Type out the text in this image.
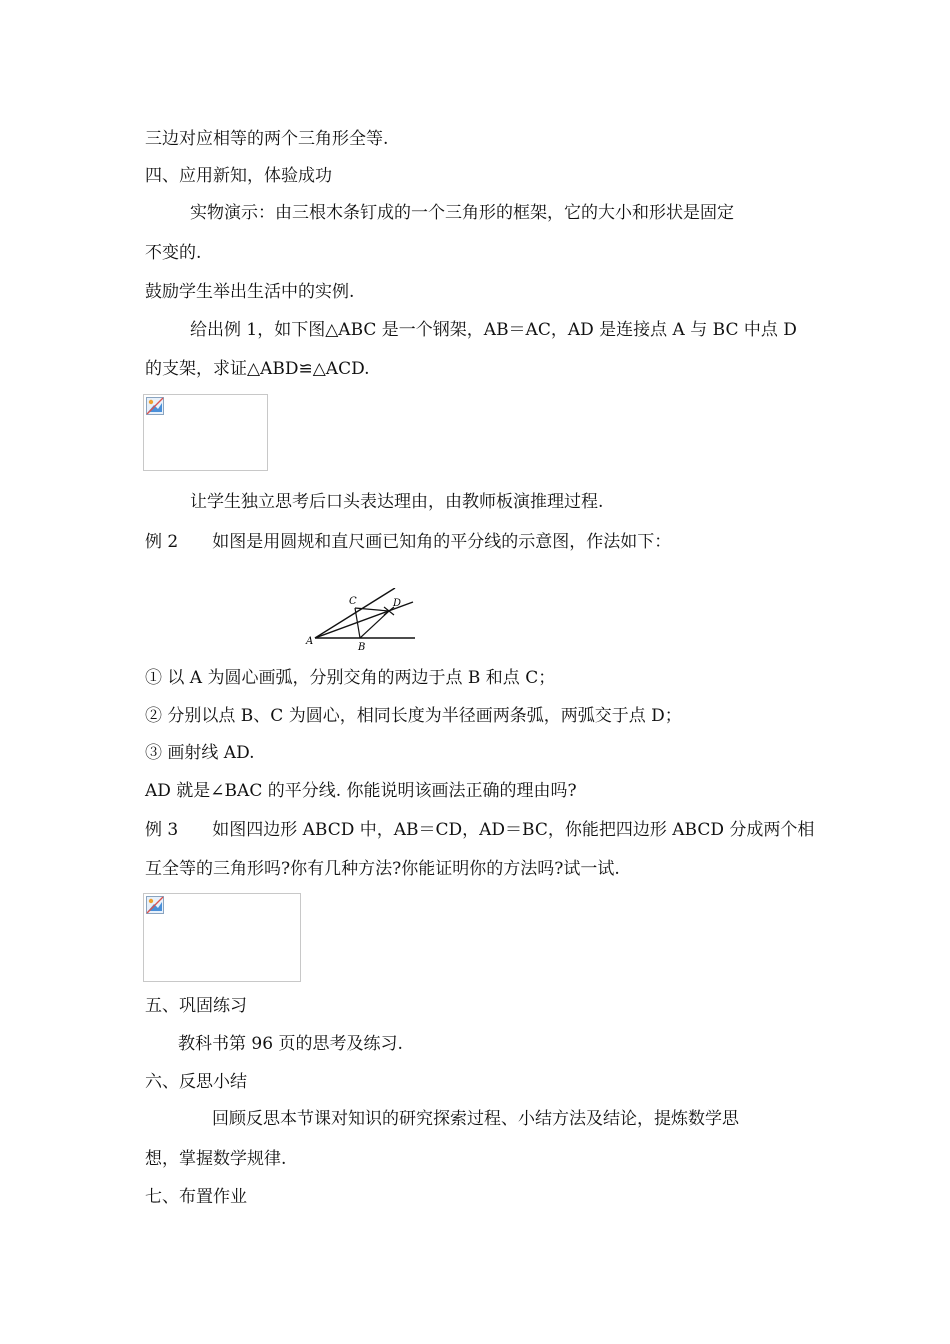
三边对应相等的两个三角形全等.
四、应用新知，体验成功
实物演示：由三根木条钉成的一个三角形的框架，它的大小和形状是固定
不变的.
鼓励学生举出生活中的实例.
给出例 1，如下图△ABC 是一个钢架，AB＝AC，AD 是连接点 A 与 BC 中点 D
的支架，求证△ABD≌△ACD.
让学生独立思考后口头表达理由，由教师板演推理过程.
例 2　　如图是用圆规和直尺画已知角的平分线的示意图，作法如下：
A
B
C	D
① 以 A 为圆心画弧，分别交角的两边于点 B 和点 C；
② 分别以点 B、C 为圆心，相同长度为半径画两条弧，两弧交于点 D；
③ 画射线 AD.
AD 就是∠BAC 的平分线. 你能说明该画法正确的理由吗?
例 3　　如图四边形 ABCD 中，AB＝CD，AD＝BC，你能把四边形 ABCD 分成两个相
互全等的三角形吗?你有几种方法?你能证明你的方法吗?试一试.
五、巩固练习
教科书第 96 页的思考及练习.
六、反思小结
回顾反思本节课对知识的研究探索过程、小结方法及结论，提炼数学思
想，掌握数学规律.
七、布置作业
